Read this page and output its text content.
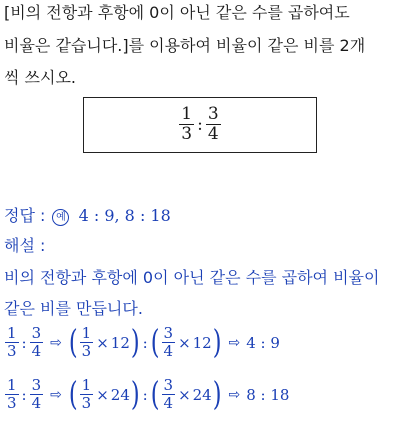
[비의 전항과 후항에 0이 아닌 같은 수를 곱하여도
비율은 같습니다.]를 이용하여 비율이 같은 비를 2개
씩 쓰시오.
$\frac{1}{3}$ : $\frac{3}{4}$
정답 : 예 4 : 9, 8 : 18
해설 :
비의 전항과 후항에 0이 아닌 같은 수를 곱하여 비율이
같은 비를 만듭니다.
$\frac{1}{3}$ : $\frac{3}{4}$ ⇨ ( $\frac{1}{3} \times 12$ ) : ( $\frac{3}{4} \times 12$ ) ⇨ 4 : 9
$\frac{1}{3}$ : $\frac{3}{4}$ ⇨ ( $\frac{1}{3} \times 24$ ) : ( $\frac{3}{4} \times 24$ ) ⇨ 8 : 18
